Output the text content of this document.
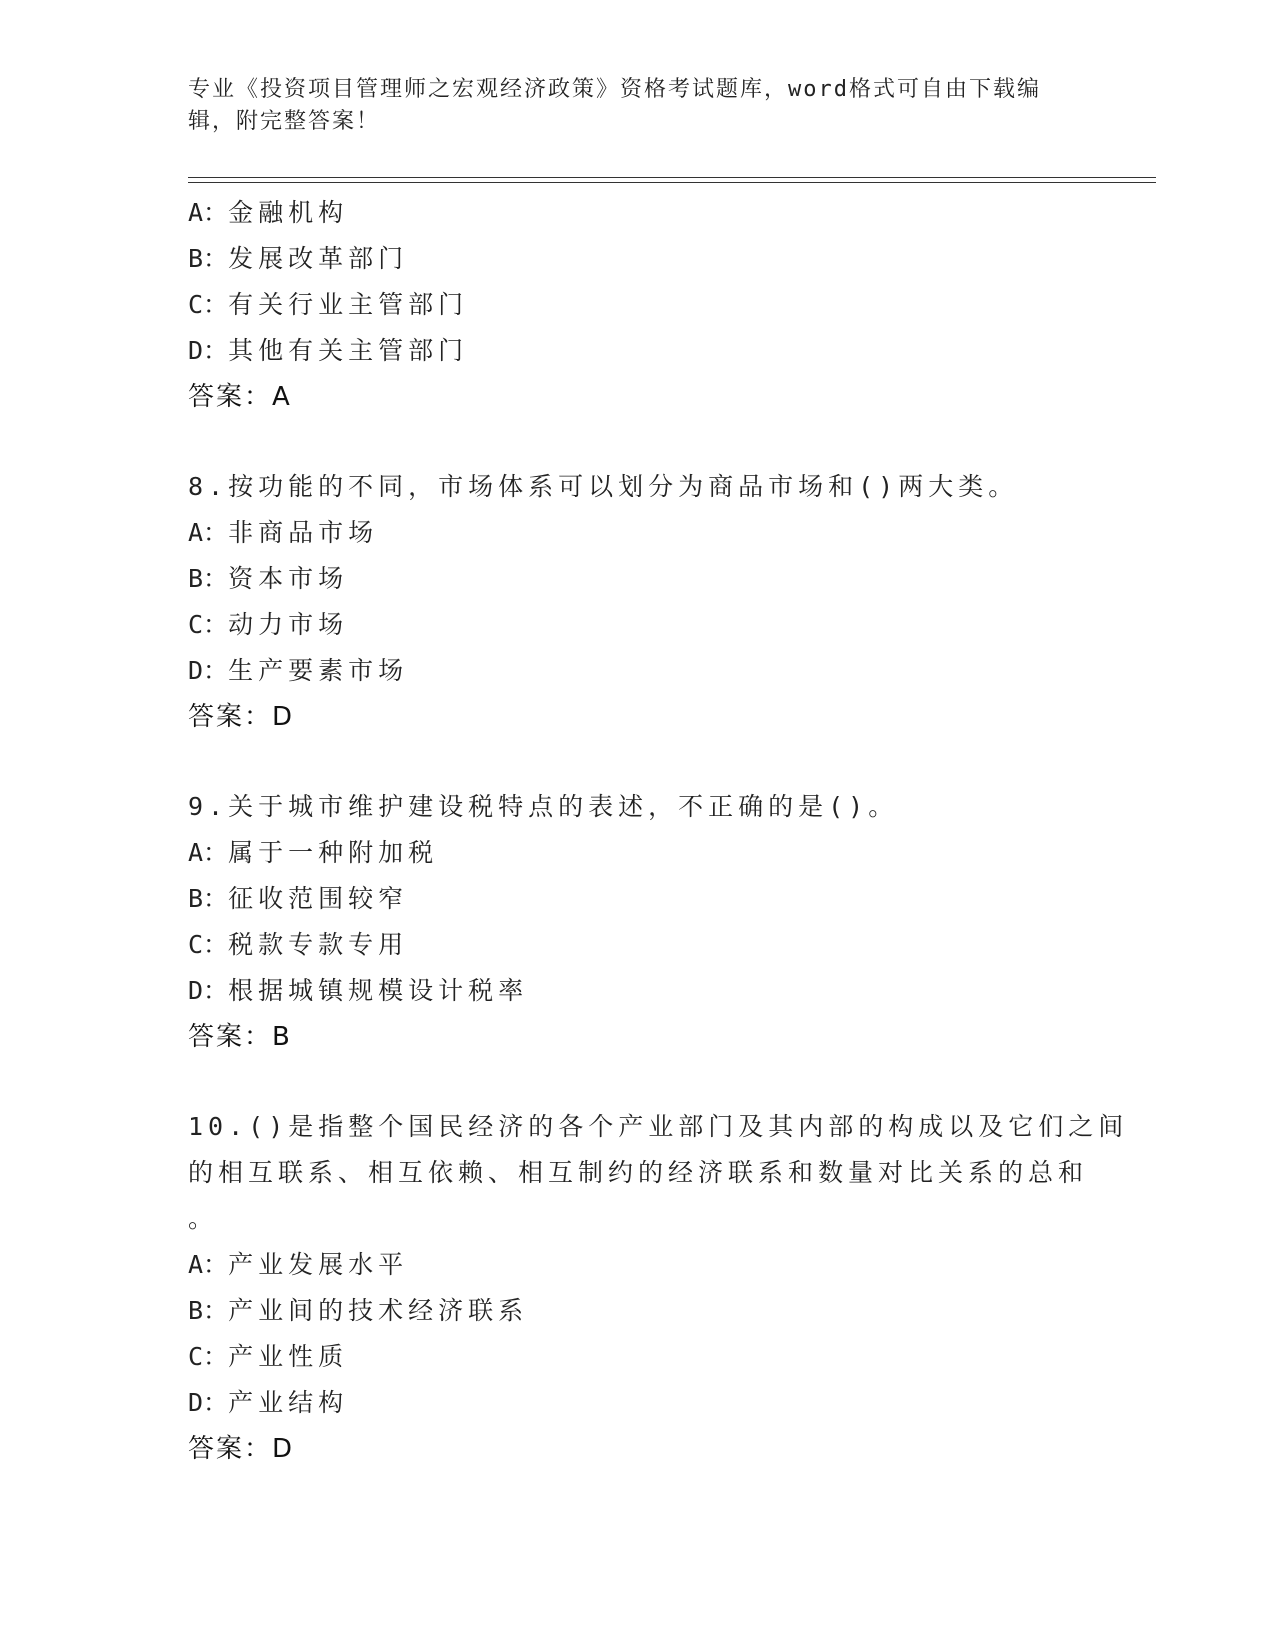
专业《投资项目管理师之宏观经济政策》资格考试题库，word格式可自由下载编
辑，附完整答案！
A：金融机构
B：发展改革部门
C：有关行业主管部门
D：其他有关主管部门
答案：A
8.按功能的不同，市场体系可以划分为商品市场和()两大类。
A：非商品市场
B：资本市场
C：动力市场
D：生产要素市场
答案：D
9.关于城市维护建设税特点的表述，不正确的是()。
A：属于一种附加税
B：征收范围较窄
C：税款专款专用
D：根据城镇规模设计税率
答案：B
10.()是指整个国民经济的各个产业部门及其内部的构成以及它们之间
的相互联系、相互依赖、相互制约的经济联系和数量对比关系的总和
。
A：产业发展水平
B：产业间的技术经济联系
C：产业性质
D：产业结构
答案：D
